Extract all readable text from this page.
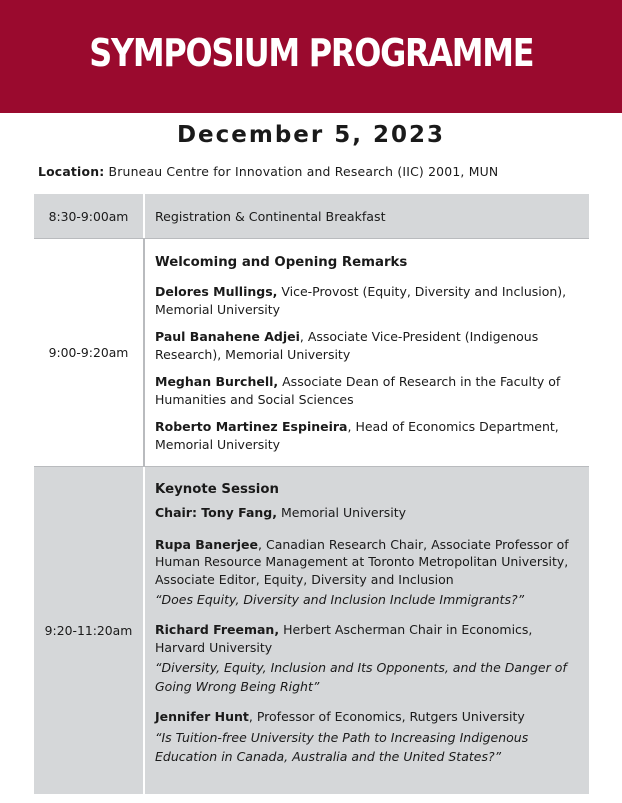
SYMPOSIUM PROGRAMME
December 5, 2023
Location: Bruneau Centre for Innovation and Research (IIC) 2001, MUN
8:30-9:00am	Registration & Continental Breakfast
9:00-9:20am
Welcoming and Opening Remarks
Delores Mullings, Vice-Provost (Equity, Diversity and Inclusion), Memorial University
Paul Banahene Adjei, Associate Vice-President (Indigenous Research), Memorial University
Meghan Burchell, Associate Dean of Research in the Faculty of Humanities and Social Sciences
Roberto Martinez Espineira, Head of Economics Department, Memorial University
9:20-11:20am
Keynote Session
Chair: Tony Fang, Memorial University
Rupa Banerjee, Canadian Research Chair, Associate Professor of Human Resource Management at Toronto Metropolitan University, Associate Editor, Equity, Diversity and Inclusion
“Does Equity, Diversity and Inclusion Include Immigrants?”
Richard Freeman, Herbert Ascherman Chair in Economics, Harvard University
“Diversity, Equity, Inclusion and Its Opponents, and the Danger of Going Wrong Being Right”
Jennifer Hunt, Professor of Economics, Rutgers University
“Is Tuition-free University the Path to Increasing Indigenous Education in Canada, Australia and the United States?”
